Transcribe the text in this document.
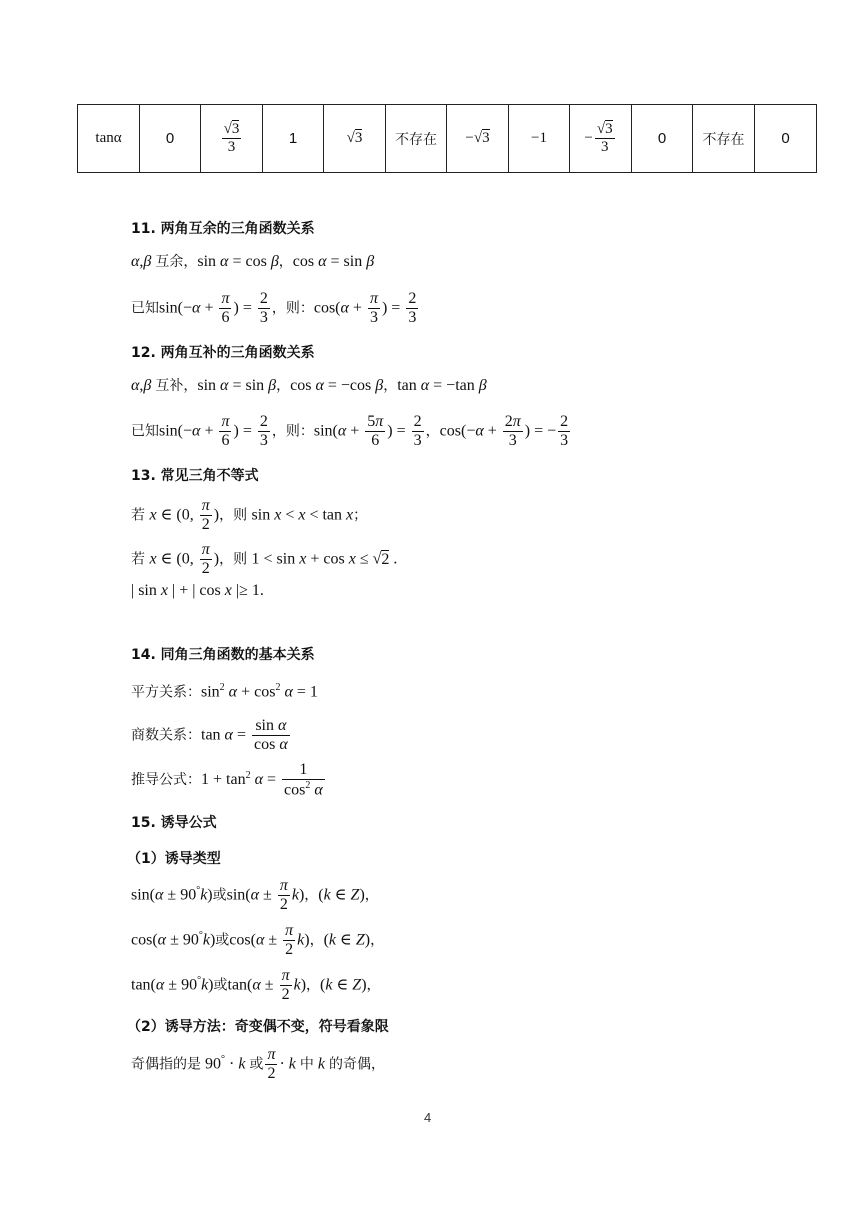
tanα	0	$\frac{√3}{3}$	1	√3	不存在	−√3	−1	− $\frac{√3}{3}$	0	不存在	0
11. 两角互余的三角函数关系
α,β 互余，sin α = cos β，cos α = sin β
已知$\sin(-\alpha + \frac{\pi}{6}$ ) = $\frac{2}{3}$ ，则：$\cos(\alpha + \frac{\pi}{3}$ ) = $\frac{2}{3}$
12. 两角互补的三角函数关系
α,β 互补，sin α = sin β，cos α = −cos β，tan α = −tan β
已知$\sin(-\alpha + \frac{\pi}{6}$ ) = $\frac{2}{3}$ ，则：$\sin(\alpha + \frac{5\pi}{6}$ ) = $\frac{2}{3}$ ，$\cos(-\alpha + \frac{2\pi}{3}$ ) = − $\frac{2}{3}$
13. 常见三角不等式
若 x ∈ (0, $\frac{\pi}{2}$ )，则 sin x < x < tan x；
若 x ∈ (0, $\frac{\pi}{2}$ )，则 1 < sin x + cos x ≤ √2 .
| sin x | + | cos x |≥ 1.
14. 同角三角函数的基本关系
平方关系：$\sin^2 \alpha + \cos^2 \alpha = 1$
商数关系：$\tan \alpha = \frac{\text{sin α}}{\text{cos α}}$
推导公式：$1 + \tan^2 \alpha = \frac{1}{\cos^2 \alpha}$
15. 诱导公式
（1）诱导类型
sin(α ± 90°k)或$\sin(\alpha \pm \frac{\pi}{2} k)$，(k ∈ Z)，
cos(α ± 90°k)或$\cos(\alpha \pm \frac{\pi}{2} k)$，(k ∈ Z)，
tan(α ± 90°k)或$\tan(\alpha \pm \frac{\pi}{2} k)$，(k ∈ Z)，
（2）诱导方法：奇变偶不变，符号看象限
奇偶指的是 90° · k 或 $\frac{\pi}{2} \cdot k$ 中 k 的奇偶，
4
